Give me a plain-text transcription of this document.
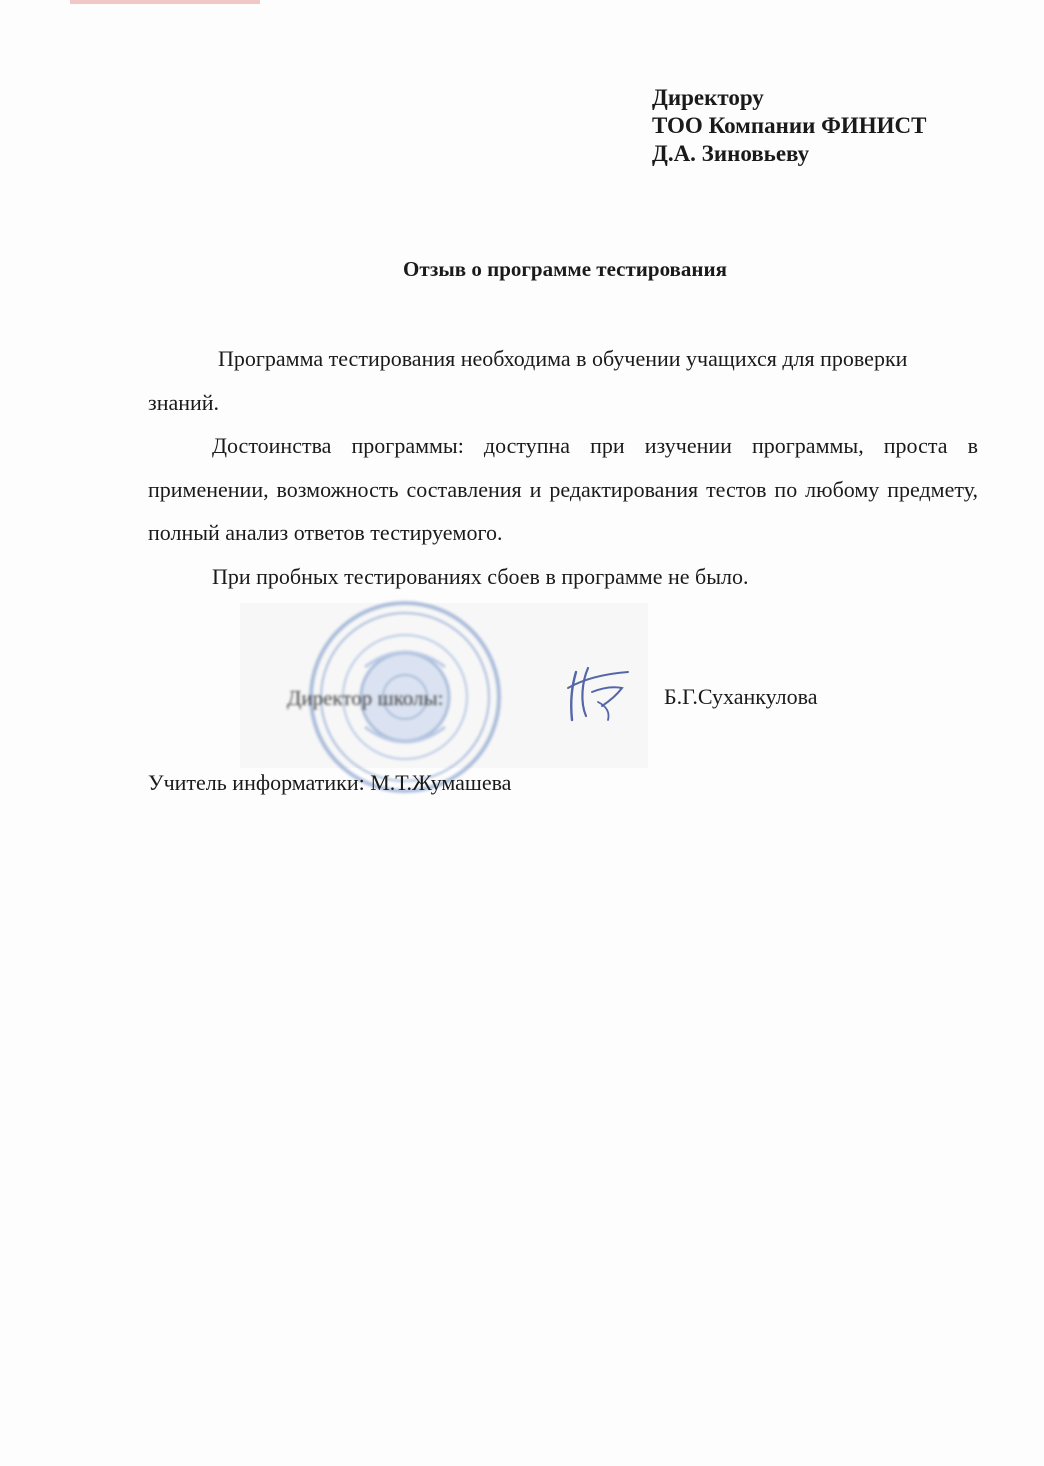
Директору
ТОО Компании ФИНИСТ
Д.А. Зиновьеву
Отзыв о программе тестирования

Программа тестирования необходима в обучении учащихся для проверки знаний.

Достоинства программы: доступна при изучении программы, проста в применении, возможность составления и редактирования тестов по любому предмету, полный анализ ответов тестируемого.

При пробных тестированиях сбоев в программе не было.

Директор школы:	Б.Г.Суханкулова
Учитель информатики: М.Т.Жумашева
